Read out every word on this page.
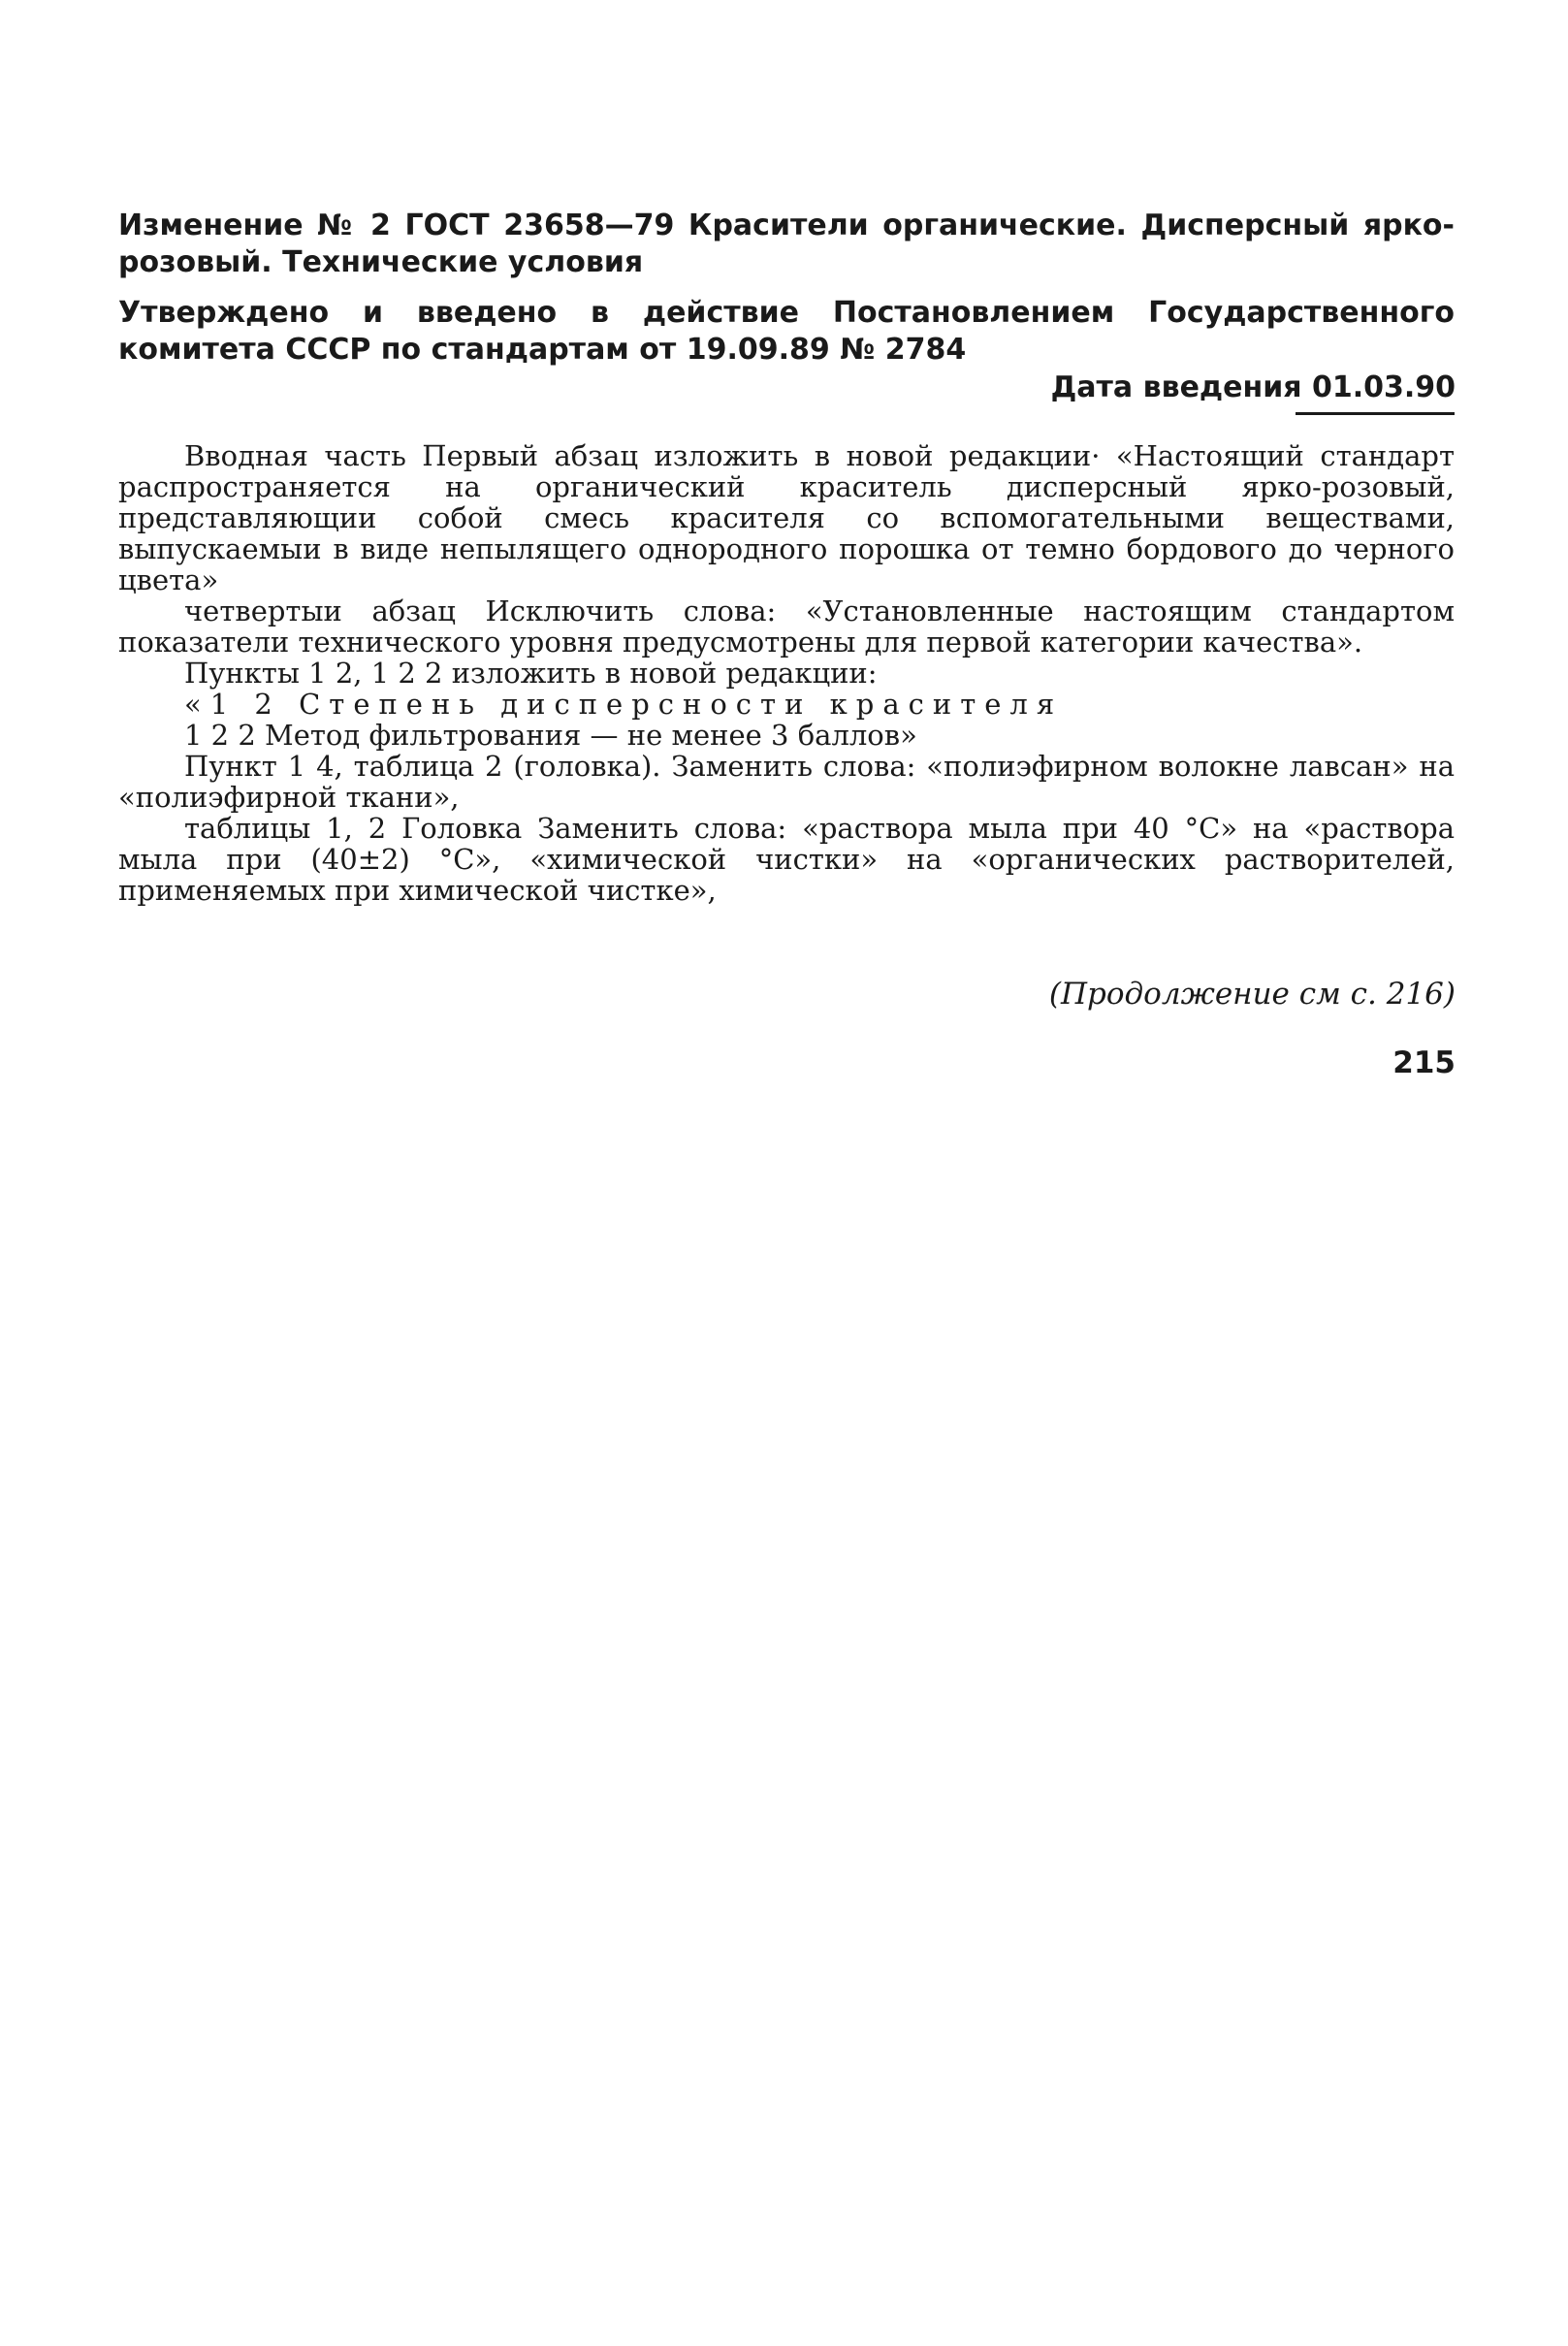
Изменение № 2 ГОСТ 23658—79 Красители органические. Дисперсный ярко-розовый. Технические условия

Утверждено и введено в действие Постановлением Государственного комитета СССР по стандартам от 19.09.89 № 2784

Дата введения 01.03.90

Вводная часть Первый абзац изложить в новой редакции· «Настоящий стандарт распространяется на органический краситель дисперсный ярко-розовый, представляющии собой смесь красителя со вспомогательными веществами, выпускаемыи в виде непылящего однородного порошка от темно бордового до черного цвета»

четвертыи абзац Исключить слова: «Установленные настоящим стандартом показатели технического уровня предусмотрены для первой категории качества».

Пункты 1 2, 1 2 2 изложить в новой редакции:

«1 2 Степень дисперсности красителя

1 2 2 Метод фильтрования — не менее 3 баллов»

Пункт 1 4, таблица 2 (головка). Заменить слова: «полиэфирном волокне лавсан» на «полиэфирной ткани»,

таблицы 1, 2 Головка Заменить слова: «раствора мыла при 40 °С» на «раствора мыла при (40±2) °С», «химической чистки» на «органических растворителей, применяемых при химической чистке»,

(Продолжение см с. 216)
215
